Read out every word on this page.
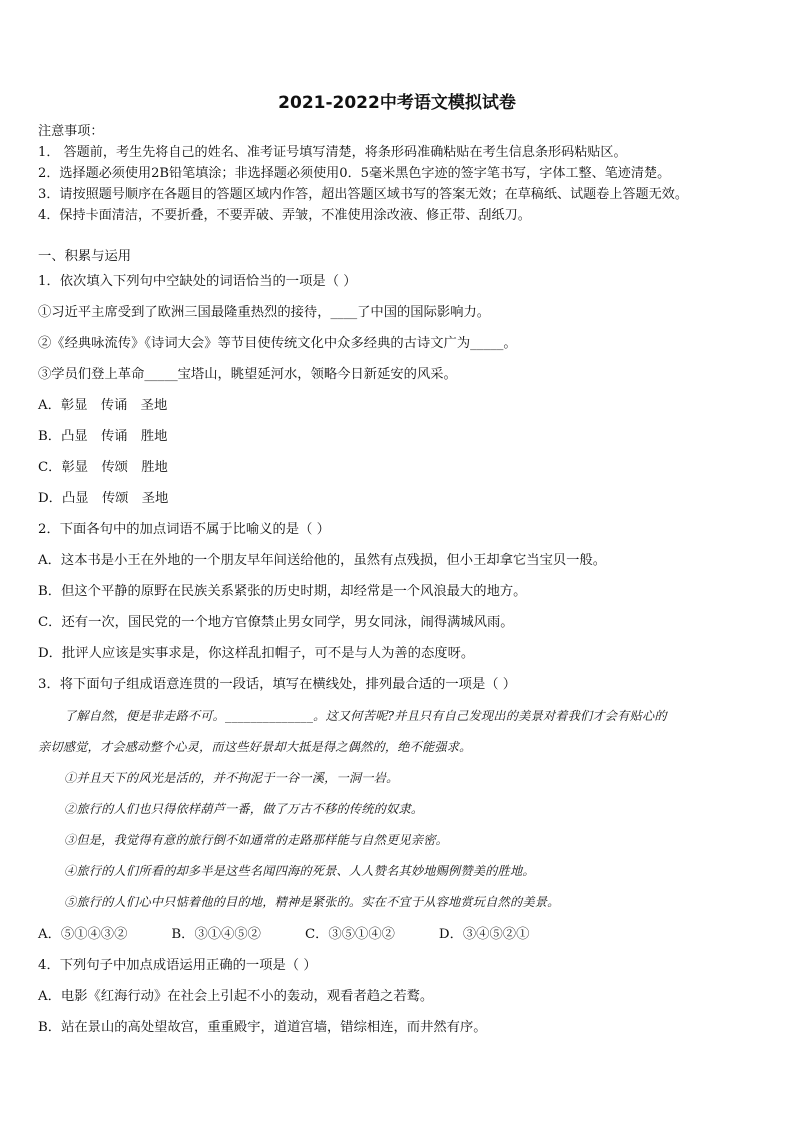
2021-2022中考语文模拟试卷
注意事项：
1． 答题前，考生先将自己的姓名、准考证号填写清楚，将条形码准确粘贴在考生信息条形码粘贴区。
2．选择题必须使用2B铅笔填涂；非选择题必须使用0．5毫米黑色字迹的签字笔书写，字体工整、笔迹清楚。
3．请按照题号顺序在各题目的答题区域内作答，超出答题区域书写的答案无效；在草稿纸、试题卷上答题无效。
4．保持卡面清洁，不要折叠，不要弄破、弄皱，不准使用涂改液、修正带、刮纸刀。
一、积累与运用
1．依次填入下列句中空缺处的词语恰当的一项是（ ）
①习近平主席受到了欧洲三国最隆重热烈的接待，____了中国的国际影响力。
②《经典咏流传》《诗词大会》等节目使传统文化中众多经典的古诗文广为_____。
③学员们登上革命_____宝塔山，眺望延河水，领略今日新延安的风采。
A．彰显　传诵　圣地
B．凸显　传诵　胜地
C．彰显　传颂　胜地
D．凸显　传颂　圣地
2．下面各句中的加点词语不属于比喻义的是（ ）
A．这本书是小王在外地的一个朋友早年间送给他的，虽然有点残损，但小王却拿它当宝贝一般。
B．但这个平静的原野在民族关系紧张的历史时期，却经常是一个风浪最大的地方。
C．还有一次，国民党的一个地方官僚禁止男女同学，男女同泳，闹得满城风雨。
D．批评人应该是实事求是，你这样乱扣帽子，可不是与人为善的态度呀。
3．将下面句子组成语意连贯的一段话，填写在横线处，排列最合适的一项是（ ）
了解自然，便是非走路不可。______________。这又何苦呢?并且只有自己发现出的美景对着我们才会有贴心的
亲切感觉，才会感动整个心灵，而这些好景却大抵是得之偶然的，绝不能强求。
①并且天下的风光是活的，并不拘泥于一谷一溪，一洞一岩。
②旅行的人们也只得依样葫芦一番，做了万古不移的传统的奴隶。
③但是，我觉得有意的旅行倒不如通常的走路那样能与自然更见亲密。
④旅行的人们所看的却多半是这些名闻四海的死景、人人赞名其妙地赐例赞美的胜地。
⑤旅行的人们心中只惦着他的目的地，精神是紧张的。实在不宜于从容地赏玩自然的美景。
A．⑤①④③②	B．③①④⑤②	C．③⑤①④②	D．③④⑤②①
4．下列句子中加点成语运用正确的一项是（ ）
A．电影《红海行动》在社会上引起不小的轰动，观看者趋之若鹜。
B．站在景山的高处望故宫，重重殿宇，道道宫墙，错综相连，而井然有序。
